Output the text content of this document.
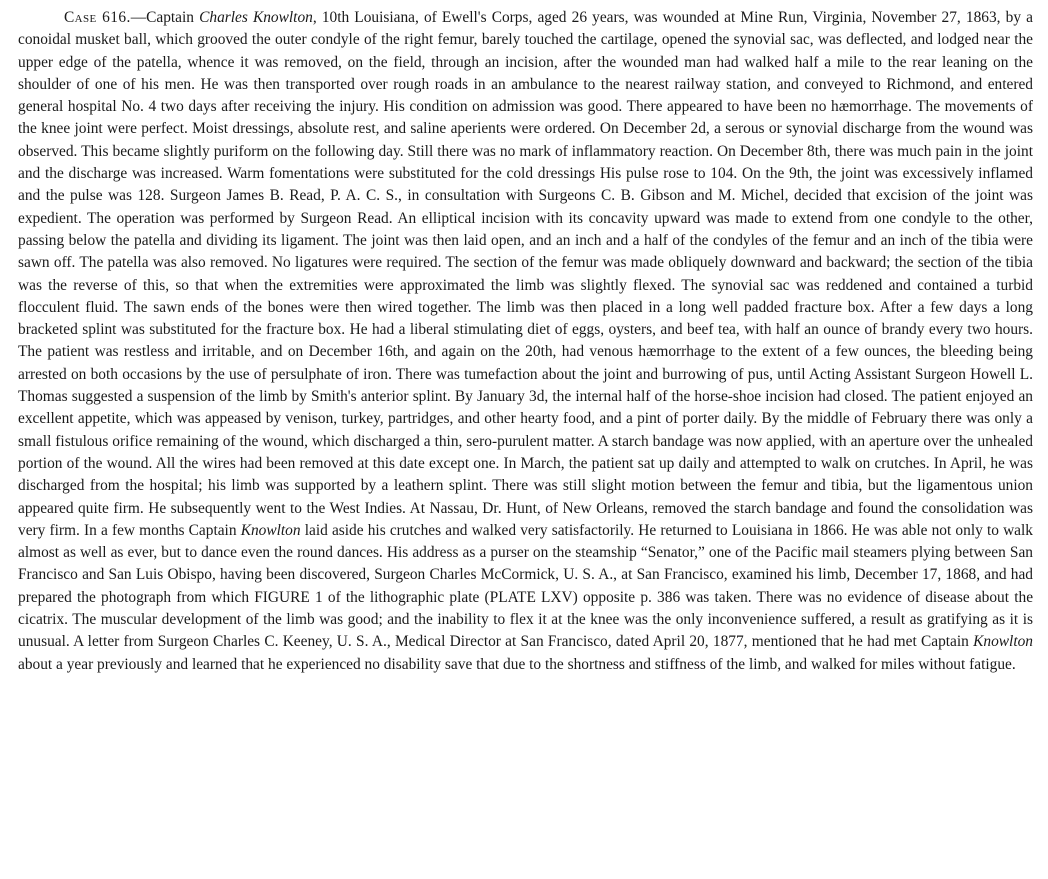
Case 616.—Captain Charles Knowlton, 10th Louisiana, of Ewell's Corps, aged 26 years, was wounded at Mine Run, Virginia, November 27, 1863, by a conoidal musket ball, which grooved the outer condyle of the right femur, barely touched the cartilage, opened the synovial sac, was deflected, and lodged near the upper edge of the patella, whence it was removed, on the field, through an incision, after the wounded man had walked half a mile to the rear leaning on the shoulder of one of his men. He was then transported over rough roads in an ambulance to the nearest railway station, and conveyed to Richmond, and entered general hospital No. 4 two days after receiving the injury. His condition on admission was good. There appeared to have been no hæmorrhage. The movements of the knee joint were perfect. Moist dressings, absolute rest, and saline aperients were ordered. On December 2d, a serous or synovial discharge from the wound was observed. This became slightly puriform on the following day. Still there was no mark of inflammatory reaction. On December 8th, there was much pain in the joint and the discharge was increased. Warm fomentations were substituted for the cold dressings His pulse rose to 104. On the 9th, the joint was excessively inflamed and the pulse was 128. Surgeon James B. Read, P. A. C. S., in consultation with Surgeons C. B. Gibson and M. Michel, decided that excision of the joint was expedient. The operation was performed by Surgeon Read. An elliptical incision with its concavity upward was made to extend from one condyle to the other, passing below the patella and dividing its ligament. The joint was then laid open, and an inch and a half of the condyles of the femur and an inch of the tibia were sawn off. The patella was also removed. No ligatures were required. The section of the femur was made obliquely downward and backward; the section of the tibia was the reverse of this, so that when the extremities were approximated the limb was slightly flexed. The synovial sac was reddened and contained a turbid flocculent fluid. The sawn ends of the bones were then wired together. The limb was then placed in a long well padded fracture box. After a few days a long bracketed splint was substituted for the fracture box. He had a liberal stimulating diet of eggs, oysters, and beef tea, with half an ounce of brandy every two hours. The patient was restless and irritable, and on December 16th, and again on the 20th, had venous hæmorrhage to the extent of a few ounces, the bleeding being arrested on both occasions by the use of persulphate of iron. There was tumefaction about the joint and burrowing of pus, until Acting Assistant Surgeon Howell L. Thomas suggested a suspension of the limb by Smith's anterior splint. By January 3d, the internal half of the horse-shoe incision had closed. The patient enjoyed an excellent appetite, which was appeased by venison, turkey, partridges, and other hearty food, and a pint of porter daily. By the middle of February there was only a small fistulous orifice remaining of the wound, which discharged a thin, sero-purulent matter. A starch bandage was now applied, with an aperture over the unhealed portion of the wound. All the wires had been removed at this date except one. In March, the patient sat up daily and attempted to walk on crutches. In April, he was discharged from the hospital; his limb was supported by a leathern splint. There was still slight motion between the femur and tibia, but the ligamentous union appeared quite firm. He subsequently went to the West Indies. At Nassau, Dr. Hunt, of New Orleans, removed the starch bandage and found the consolidation was very firm. In a few months Captain Knowlton laid aside his crutches and walked very satisfactorily. He returned to Louisiana in 1866. He was able not only to walk almost as well as ever, but to dance even the round dances. His address as a purser on the steamship “Senator,” one of the Pacific mail steamers plying between San Francisco and San Luis Obispo, having been discovered, Surgeon Charles McCormick, U. S. A., at San Francisco, examined his limb, December 17, 1868, and had prepared the photograph from which FIGURE 1 of the lithographic plate (PLATE LXV) opposite p. 386 was taken. There was no evidence of disease about the cicatrix. The muscular development of the limb was good; and the inability to flex it at the knee was the only inconvenience suffered, a result as gratifying as it is unusual. A letter from Surgeon Charles C. Keeney, U. S. A., Medical Director at San Francisco, dated April 20, 1877, mentioned that he had met Captain Knowlton about a year previously and learned that he experienced no disability save that due to the shortness and stiffness of the limb, and walked for miles without fatigue.
